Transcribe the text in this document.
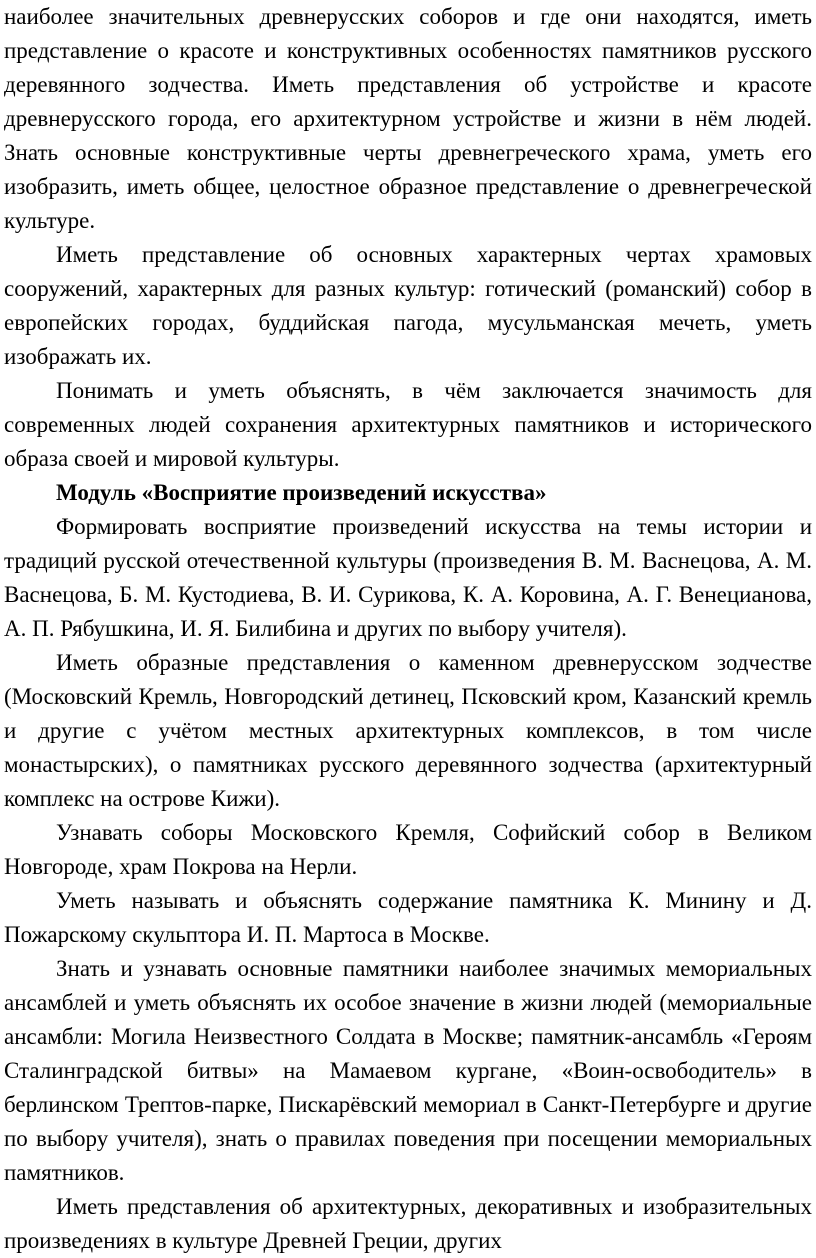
наиболее значительных древнерусских соборов и где они находятся, иметь представление о красоте и конструктивных особенностях памятников русского деревянного зодчества. Иметь представления об устройстве и красоте древнерусского города, его архитектурном устройстве и жизни в нём людей. Знать основные конструктивные черты древнегреческого храма, уметь его изобразить, иметь общее, целостное образное представление о древнегреческой культуре.

Иметь представление об основных характерных чертах храмовых сооружений, характерных для разных культур: готический (романский) собор в европейских городах, буддийская пагода, мусульманская мечеть, уметь изображать их.

Понимать и уметь объяснять, в чём заключается значимость для современных людей сохранения архитектурных памятников и исторического образа своей и мировой культуры.

Модуль «Восприятие произведений искусства»

Формировать восприятие произведений искусства на темы истории и традиций русской отечественной культуры (произведения В. М. Васнецова, А. М. Васнецова, Б. М. Кустодиева, В. И. Сурикова, К. А. Коровина, А. Г. Венецианова, А. П. Рябушкина, И. Я. Билибина и других по выбору учителя).

Иметь образные представления о каменном древнерусском зодчестве (Московский Кремль, Новгородский детинец, Псковский кром, Казанский кремль и другие с учётом местных архитектурных комплексов, в том числе монастырских), о памятниках русского деревянного зодчества (архитектурный комплекс на острове Кижи).

Узнавать соборы Московского Кремля, Софийский собор в Великом Новгороде, храм Покрова на Нерли.

Уметь называть и объяснять содержание памятника К. Минину и Д. Пожарскому скульптора И. П. Мартоса в Москве.

Знать и узнавать основные памятники наиболее значимых мемориальных ансамблей и уметь объяснять их особое значение в жизни людей (мемориальные ансамбли: Могила Неизвестного Солдата в Москве; памятник-ансамбль «Героям Сталинградской битвы» на Мамаевом кургане, «Воин-освободитель» в берлинском Трептов-парке, Пискарёвский мемориал в Санкт-Петербурге и другие по выбору учителя), знать о правилах поведения при посещении мемориальных памятников.

Иметь представления об архитектурных, декоративных и изобразительных произведениях в культуре Древней Греции, других
